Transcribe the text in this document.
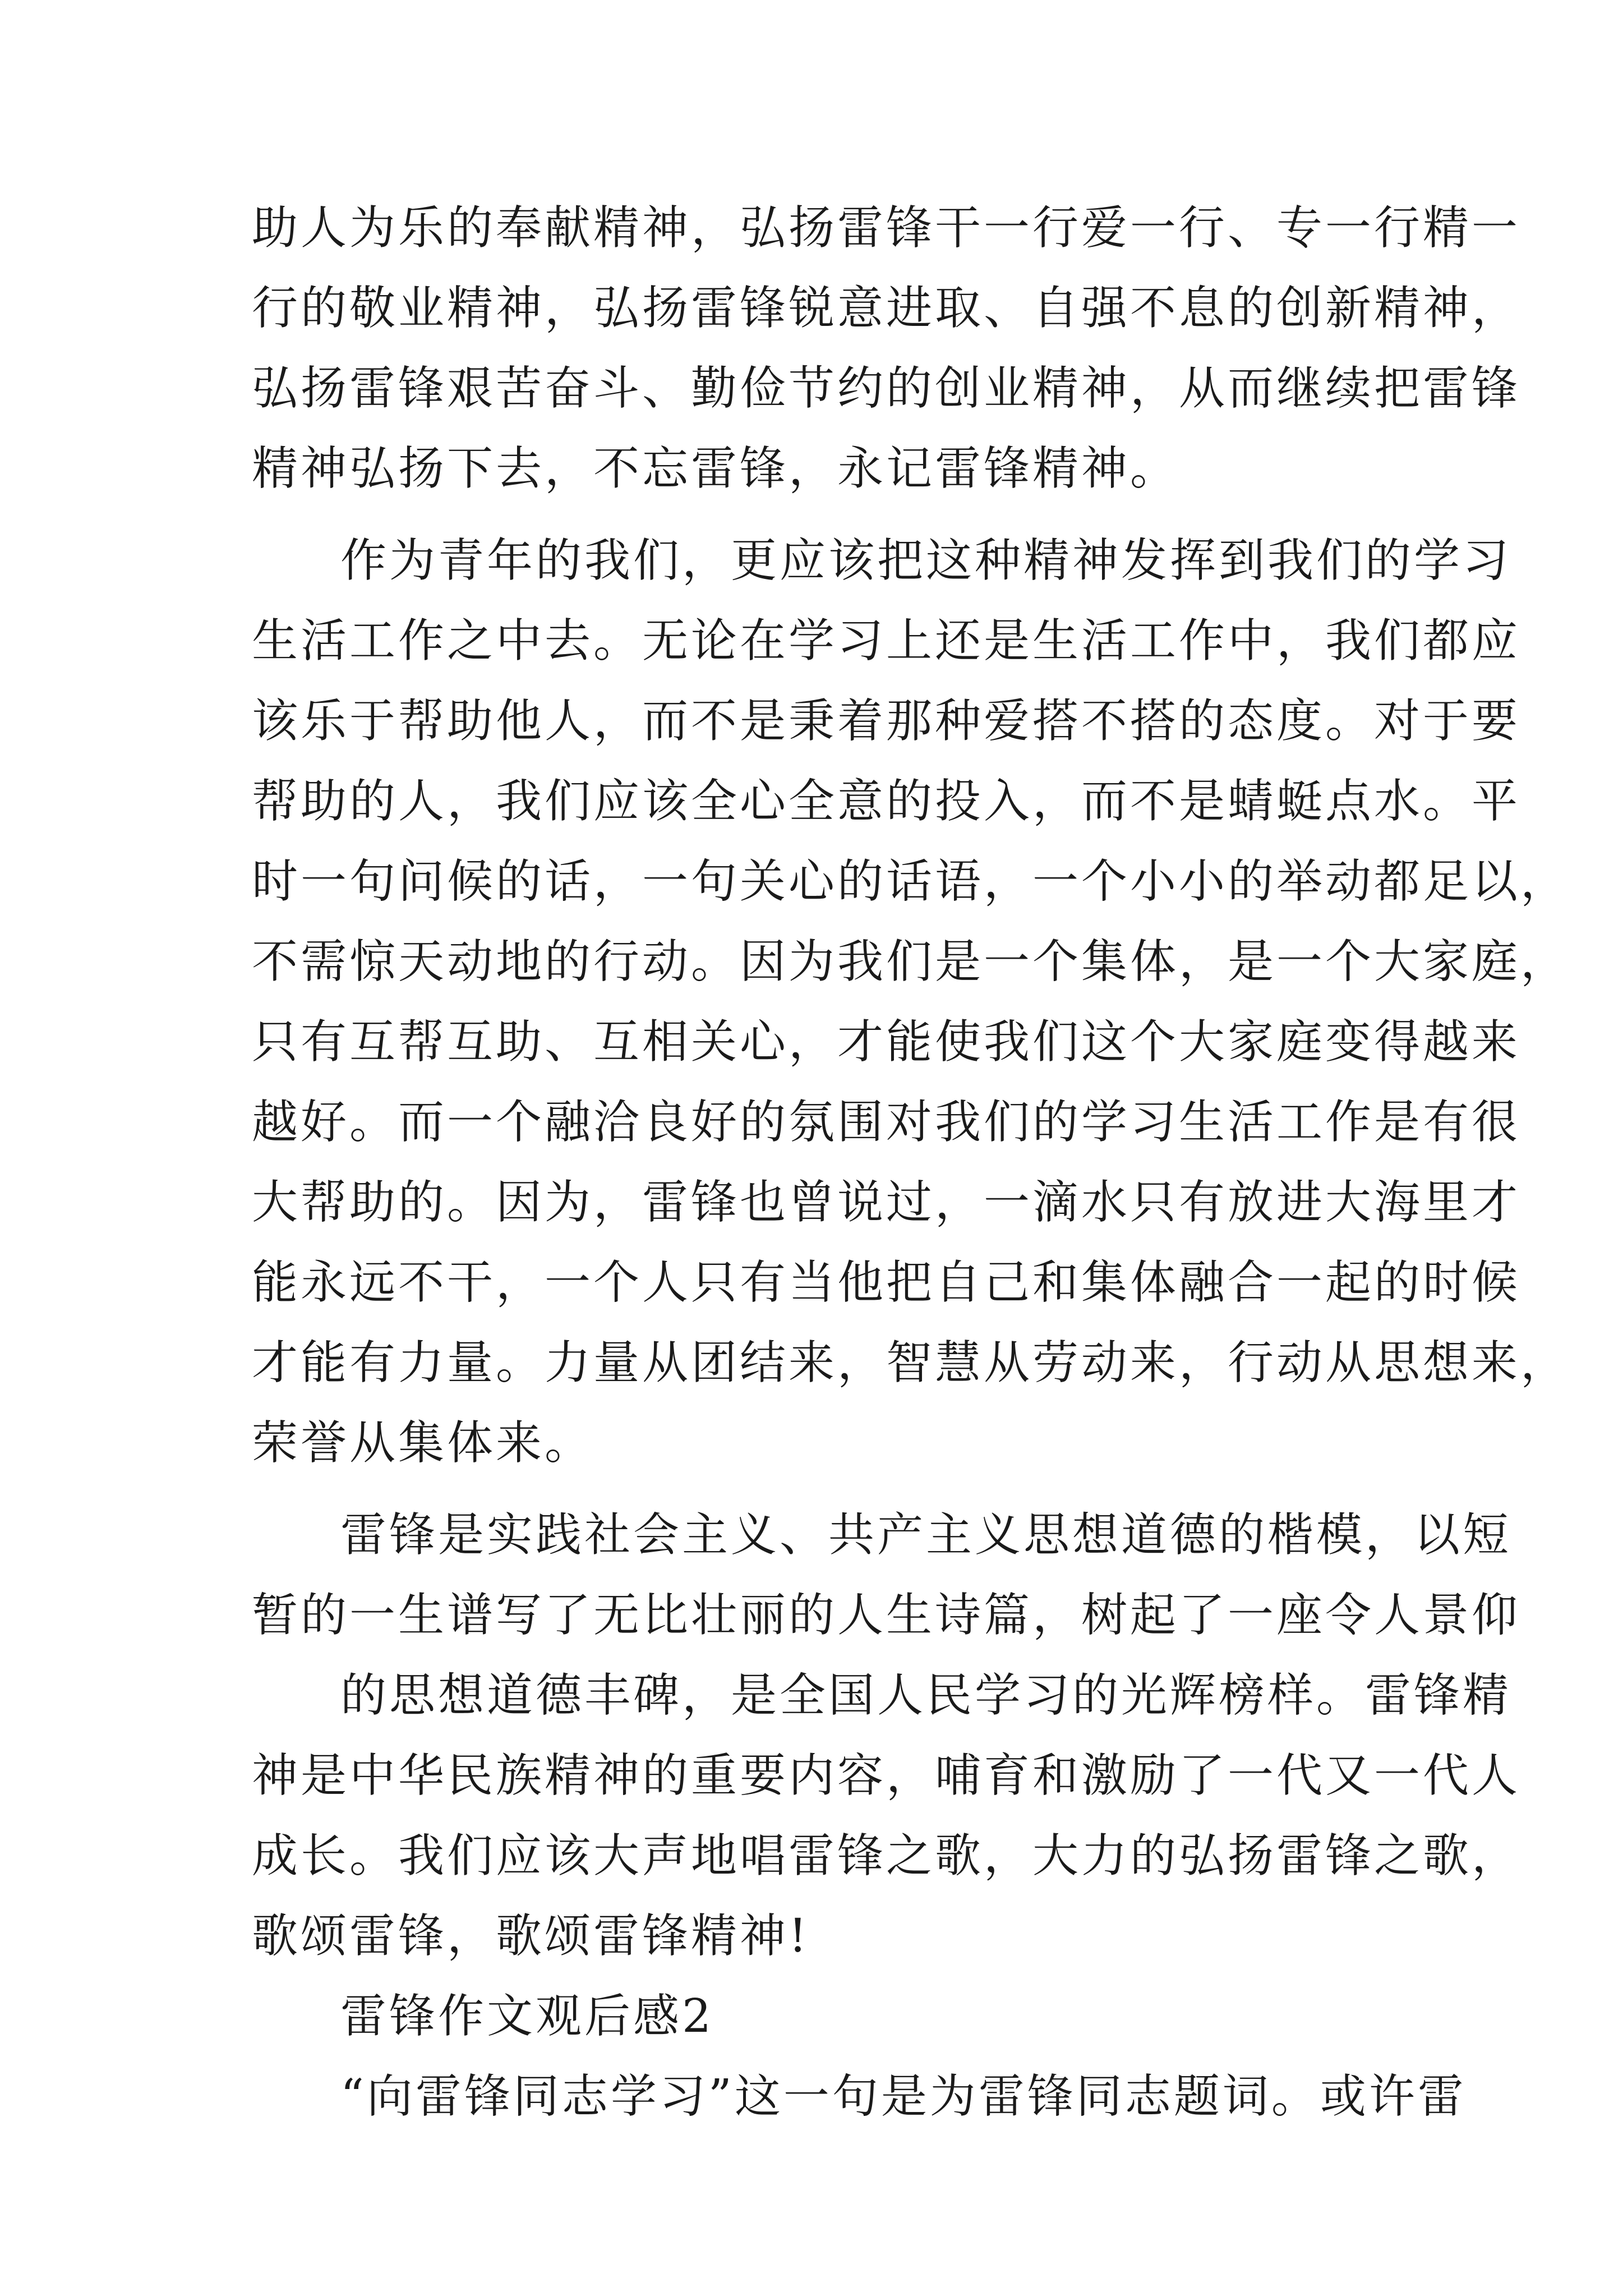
助人为乐的奉献精神，弘扬雷锋干一行爱一行、专一行精一
行的敬业精神，弘扬雷锋锐意进取、自强不息的创新精神，
弘扬雷锋艰苦奋斗、勤俭节约的创业精神，从而继续把雷锋
精神弘扬下去，不忘雷锋，永记雷锋精神。
作为青年的我们，更应该把这种精神发挥到我们的学习
生活工作之中去。无论在学习上还是生活工作中，我们都应
该乐于帮助他人，而不是秉着那种爱搭不搭的态度。对于要
帮助的人，我们应该全心全意的投入，而不是蜻蜓点水。平
时一句问候的话，一句关心的话语，一个小小的举动都足以，
不需惊天动地的行动。因为我们是一个集体，是一个大家庭，
只有互帮互助、互相关心，才能使我们这个大家庭变得越来
越好。而一个融洽良好的氛围对我们的学习生活工作是有很
大帮助的。因为，雷锋也曾说过，一滴水只有放进大海里才
能永远不干，一个人只有当他把自己和集体融合一起的时候
才能有力量。力量从团结来，智慧从劳动来，行动从思想来，
荣誉从集体来。
雷锋是实践社会主义、共产主义思想道德的楷模，以短
暂的一生谱写了无比壮丽的人生诗篇，树起了一座令人景仰
的思想道德丰碑，是全国人民学习的光辉榜样。雷锋精
神是中华民族精神的重要内容，哺育和激励了一代又一代人
成长。我们应该大声地唱雷锋之歌，大力的弘扬雷锋之歌，
歌颂雷锋，歌颂雷锋精神!
雷锋作文观后感2
“向雷锋同志学习”这一句是为雷锋同志题词。或许雷
